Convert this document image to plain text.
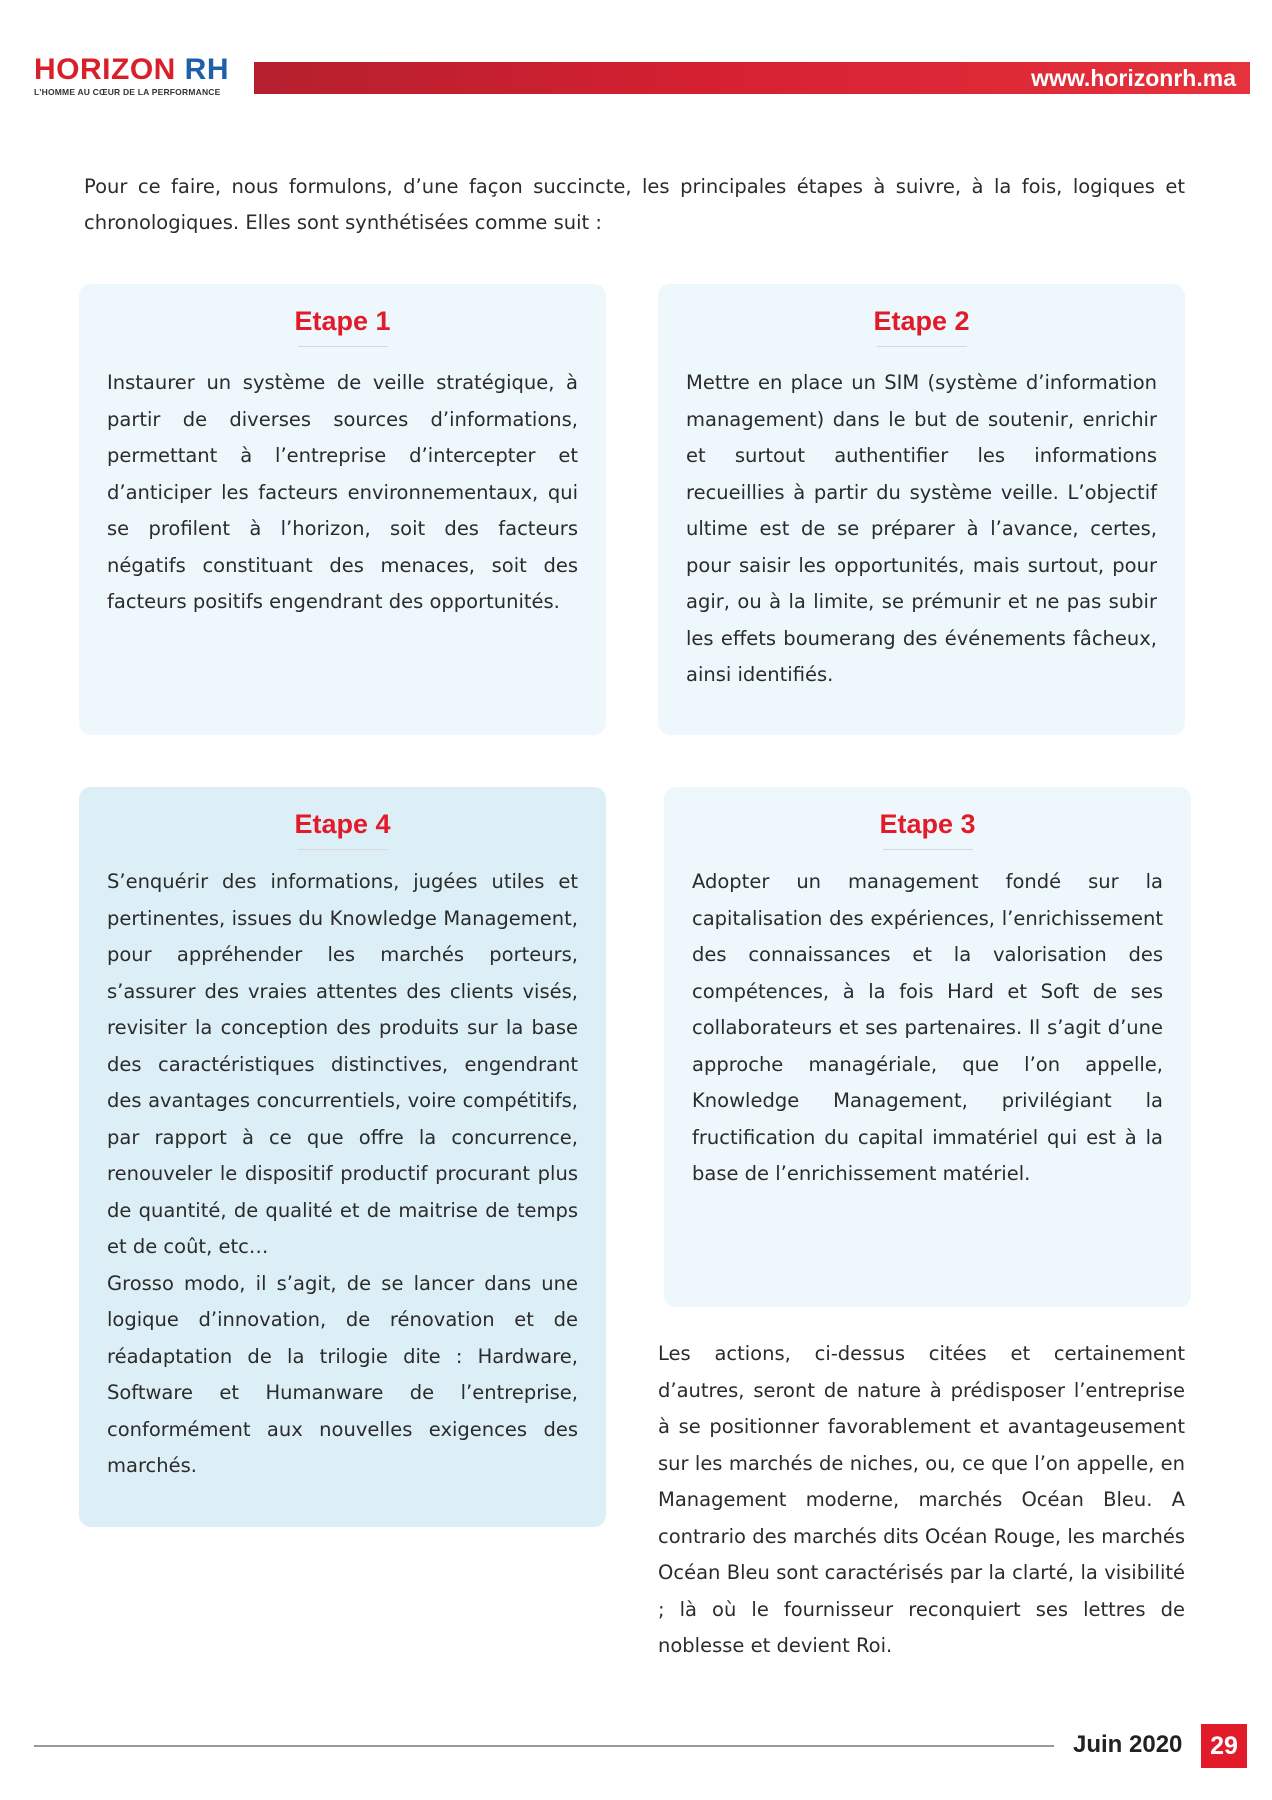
HORIZON RH
L'HOMME AU CŒUR DE LA PERFORMANCE
www.horizonrh.ma
Pour ce faire, nous formulons, d’une façon succincte, les principales étapes à suivre, à la fois, logiques et chronologiques. Elles sont synthétisées comme suit :
Etape 1

Instaurer un système de veille stratégique, à partir de diverses sources d’informations, permettant à l’entreprise d’intercepter et d’anticiper les facteurs environnementaux, qui se profilent à l’horizon, soit des facteurs négatifs constituant des menaces, soit des facteurs positifs engendrant des opportunités.

Etape 2

Mettre en place un SIM (système d’information management) dans le but de soutenir, enrichir et surtout authentifier les informations recueillies à partir du système veille. L’objectif ultime est de se préparer à l’avance, certes, pour saisir les opportunités, mais surtout, pour agir, ou à la limite, se prémunir et ne pas subir les effets boumerang des événements fâcheux, ainsi identifiés.

Etape 4

S’enquérir des informations, jugées utiles et pertinentes, issues du Knowledge Management, pour appréhender les marchés porteurs, s’assurer des vraies attentes des clients visés, revisiter la conception des produits sur la base des caractéristiques distinctives, engendrant des avantages concurrentiels, voire compétitifs, par rapport à ce que offre la concurrence, renouveler le dispositif productif procurant plus de quantité, de qualité et de maitrise de temps et de coût, etc…

Grosso modo, il s’agit, de se lancer dans une logique d’innovation, de rénovation et de réadaptation de la trilogie dite : Hardware, Software et Humanware de l’entreprise, conformément aux nouvelles exigences des marchés.

Etape 3

Adopter un management fondé sur la capitalisation des expériences, l’enrichissement des connaissances et la valorisation des compétences, à la fois Hard et Soft de ses collaborateurs et ses partenaires. Il s’agit d’une approche managériale, que l’on appelle, Knowledge Management, privilégiant la fructification du capital immatériel qui est à la base de l’enrichissement matériel.

Les actions, ci-dessus citées et certainement d’autres, seront de nature à prédisposer l’entreprise à se positionner favorablement et avantageusement sur les marchés de niches, ou, ce que l’on appelle, en Management moderne, marchés Océan Bleu. A contrario des marchés dits Océan Rouge, les marchés Océan Bleu sont caractérisés par la clarté, la visibilité ; là où le fournisseur reconquiert ses lettres de noblesse et devient Roi.
Juin 2020	29
